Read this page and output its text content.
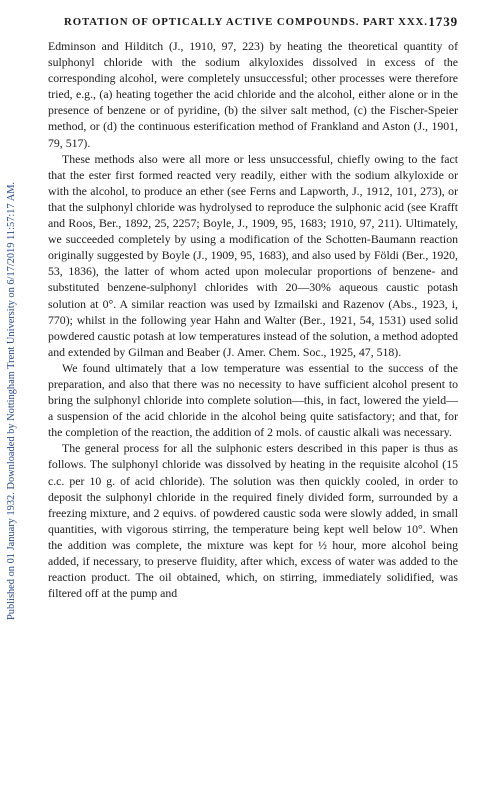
Published on 01 January 1932. Downloaded by Nottingham Trent University on 6/17/2019 11:57:17 AM.
ROTATION OF OPTICALLY ACTIVE COMPOUNDS. PART XXX. 1739

Edminson and Hilditch (J., 1910, 97, 223) by heating the theoretical quantity of sulphonyl chloride with the sodium alkyloxides dissolved in excess of the corresponding alcohol, were completely unsuccessful; other processes were therefore tried, e.g., (a) heating together the acid chloride and the alcohol, either alone or in the presence of benzene or of pyridine, (b) the silver salt method, (c) the Fischer-Speier method, or (d) the continuous esterification method of Frankland and Aston (J., 1901, 79, 517).

These methods also were all more or less unsuccessful, chiefly owing to the fact that the ester first formed reacted very readily, either with the sodium alkyloxide or with the alcohol, to produce an ether (see Ferns and Lapworth, J., 1912, 101, 273), or that the sulphonyl chloride was hydrolysed to reproduce the sulphonic acid (see Krafft and Roos, Ber., 1892, 25, 2257; Boyle, J., 1909, 95, 1683; 1910, 97, 211). Ultimately, we succeeded completely by using a modification of the Schotten-Baumann reaction originally suggested by Boyle (J., 1909, 95, 1683), and also used by Földi (Ber., 1920, 53, 1836), the latter of whom acted upon molecular proportions of benzene- and substituted benzene-sulphonyl chlorides with 20—30% aqueous caustic potash solution at 0°. A similar reaction was used by Izmailski and Razenov (Abs., 1923, i, 770); whilst in the following year Hahn and Walter (Ber., 1921, 54, 1531) used solid powdered caustic potash at low temperatures instead of the solution, a method adopted and extended by Gilman and Beaber (J. Amer. Chem. Soc., 1925, 47, 518).

We found ultimately that a low temperature was essential to the success of the preparation, and also that there was no necessity to have sufficient alcohol present to bring the sulphonyl chloride into complete solution—this, in fact, lowered the yield—a suspension of the acid chloride in the alcohol being quite satisfactory; and that, for the completion of the reaction, the addition of 2 mols. of caustic alkali was necessary.

The general process for all the sulphonic esters described in this paper is thus as follows. The sulphonyl chloride was dissolved by heating in the requisite alcohol (15 c.c. per 10 g. of acid chloride). The solution was then quickly cooled, in order to deposit the sulphonyl chloride in the required finely divided form, surrounded by a freezing mixture, and 2 equivs. of powdered caustic soda were slowly added, in small quantities, with vigorous stirring, the temperature being kept well below 10°. When the addition was complete, the mixture was kept for ½ hour, more alcohol being added, if necessary, to preserve fluidity, after which, excess of water was added to the reaction product. The oil obtained, which, on stirring, immediately solidified, was filtered off at the pump and
